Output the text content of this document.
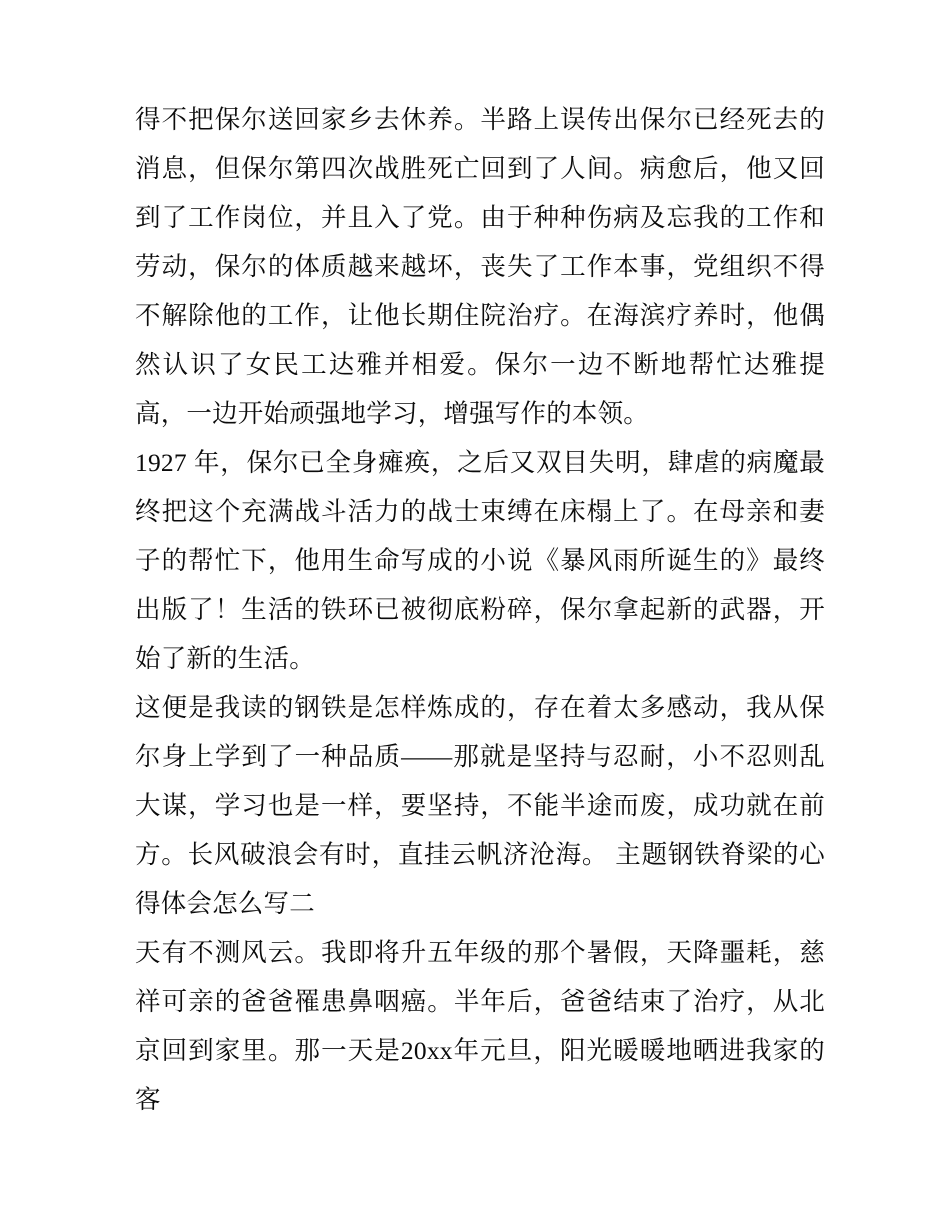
得不把保尔送回家乡去休养。半路上误传出保尔已经死去的消息，但保尔第四次战胜死亡回到了人间。病愈后，他又回到了工作岗位，并且入了党。由于种种伤病及忘我的工作和劳动，保尔的体质越来越坏，丧失了工作本事，党组织不得不解除他的工作，让他长期住院治疗。在海滨疗养时，他偶然认识了女民工达雅并相爱。保尔一边不断地帮忙达雅提高，一边开始顽强地学习，增强写作的本领。

1927 年，保尔已全身瘫痪，之后又双目失明，肆虐的病魔最终把这个充满战斗活力的战士束缚在床榻上了。在母亲和妻子的帮忙下，他用生命写成的小说《暴风雨所诞生的》最终出版了！生活的铁环已被彻底粉碎，保尔拿起新的武器，开始了新的生活。

这便是我读的钢铁是怎样炼成的，存在着太多感动，我从保尔身上学到了一种品质——那就是坚持与忍耐，小不忍则乱大谋，学习也是一样，要坚持，不能半途而废，成功就在前方。长风破浪会有时，直挂云帆济沧海。 主题钢铁脊梁的心得体会怎么写二

天有不测风云。我即将升五年级的那个暑假，天降噩耗，慈祥可亲的爸爸罹患鼻咽癌。半年后，爸爸结束了治疗，从北京回到家里。那一天是20xx年元旦，阳光暖暖地晒进我家的客
